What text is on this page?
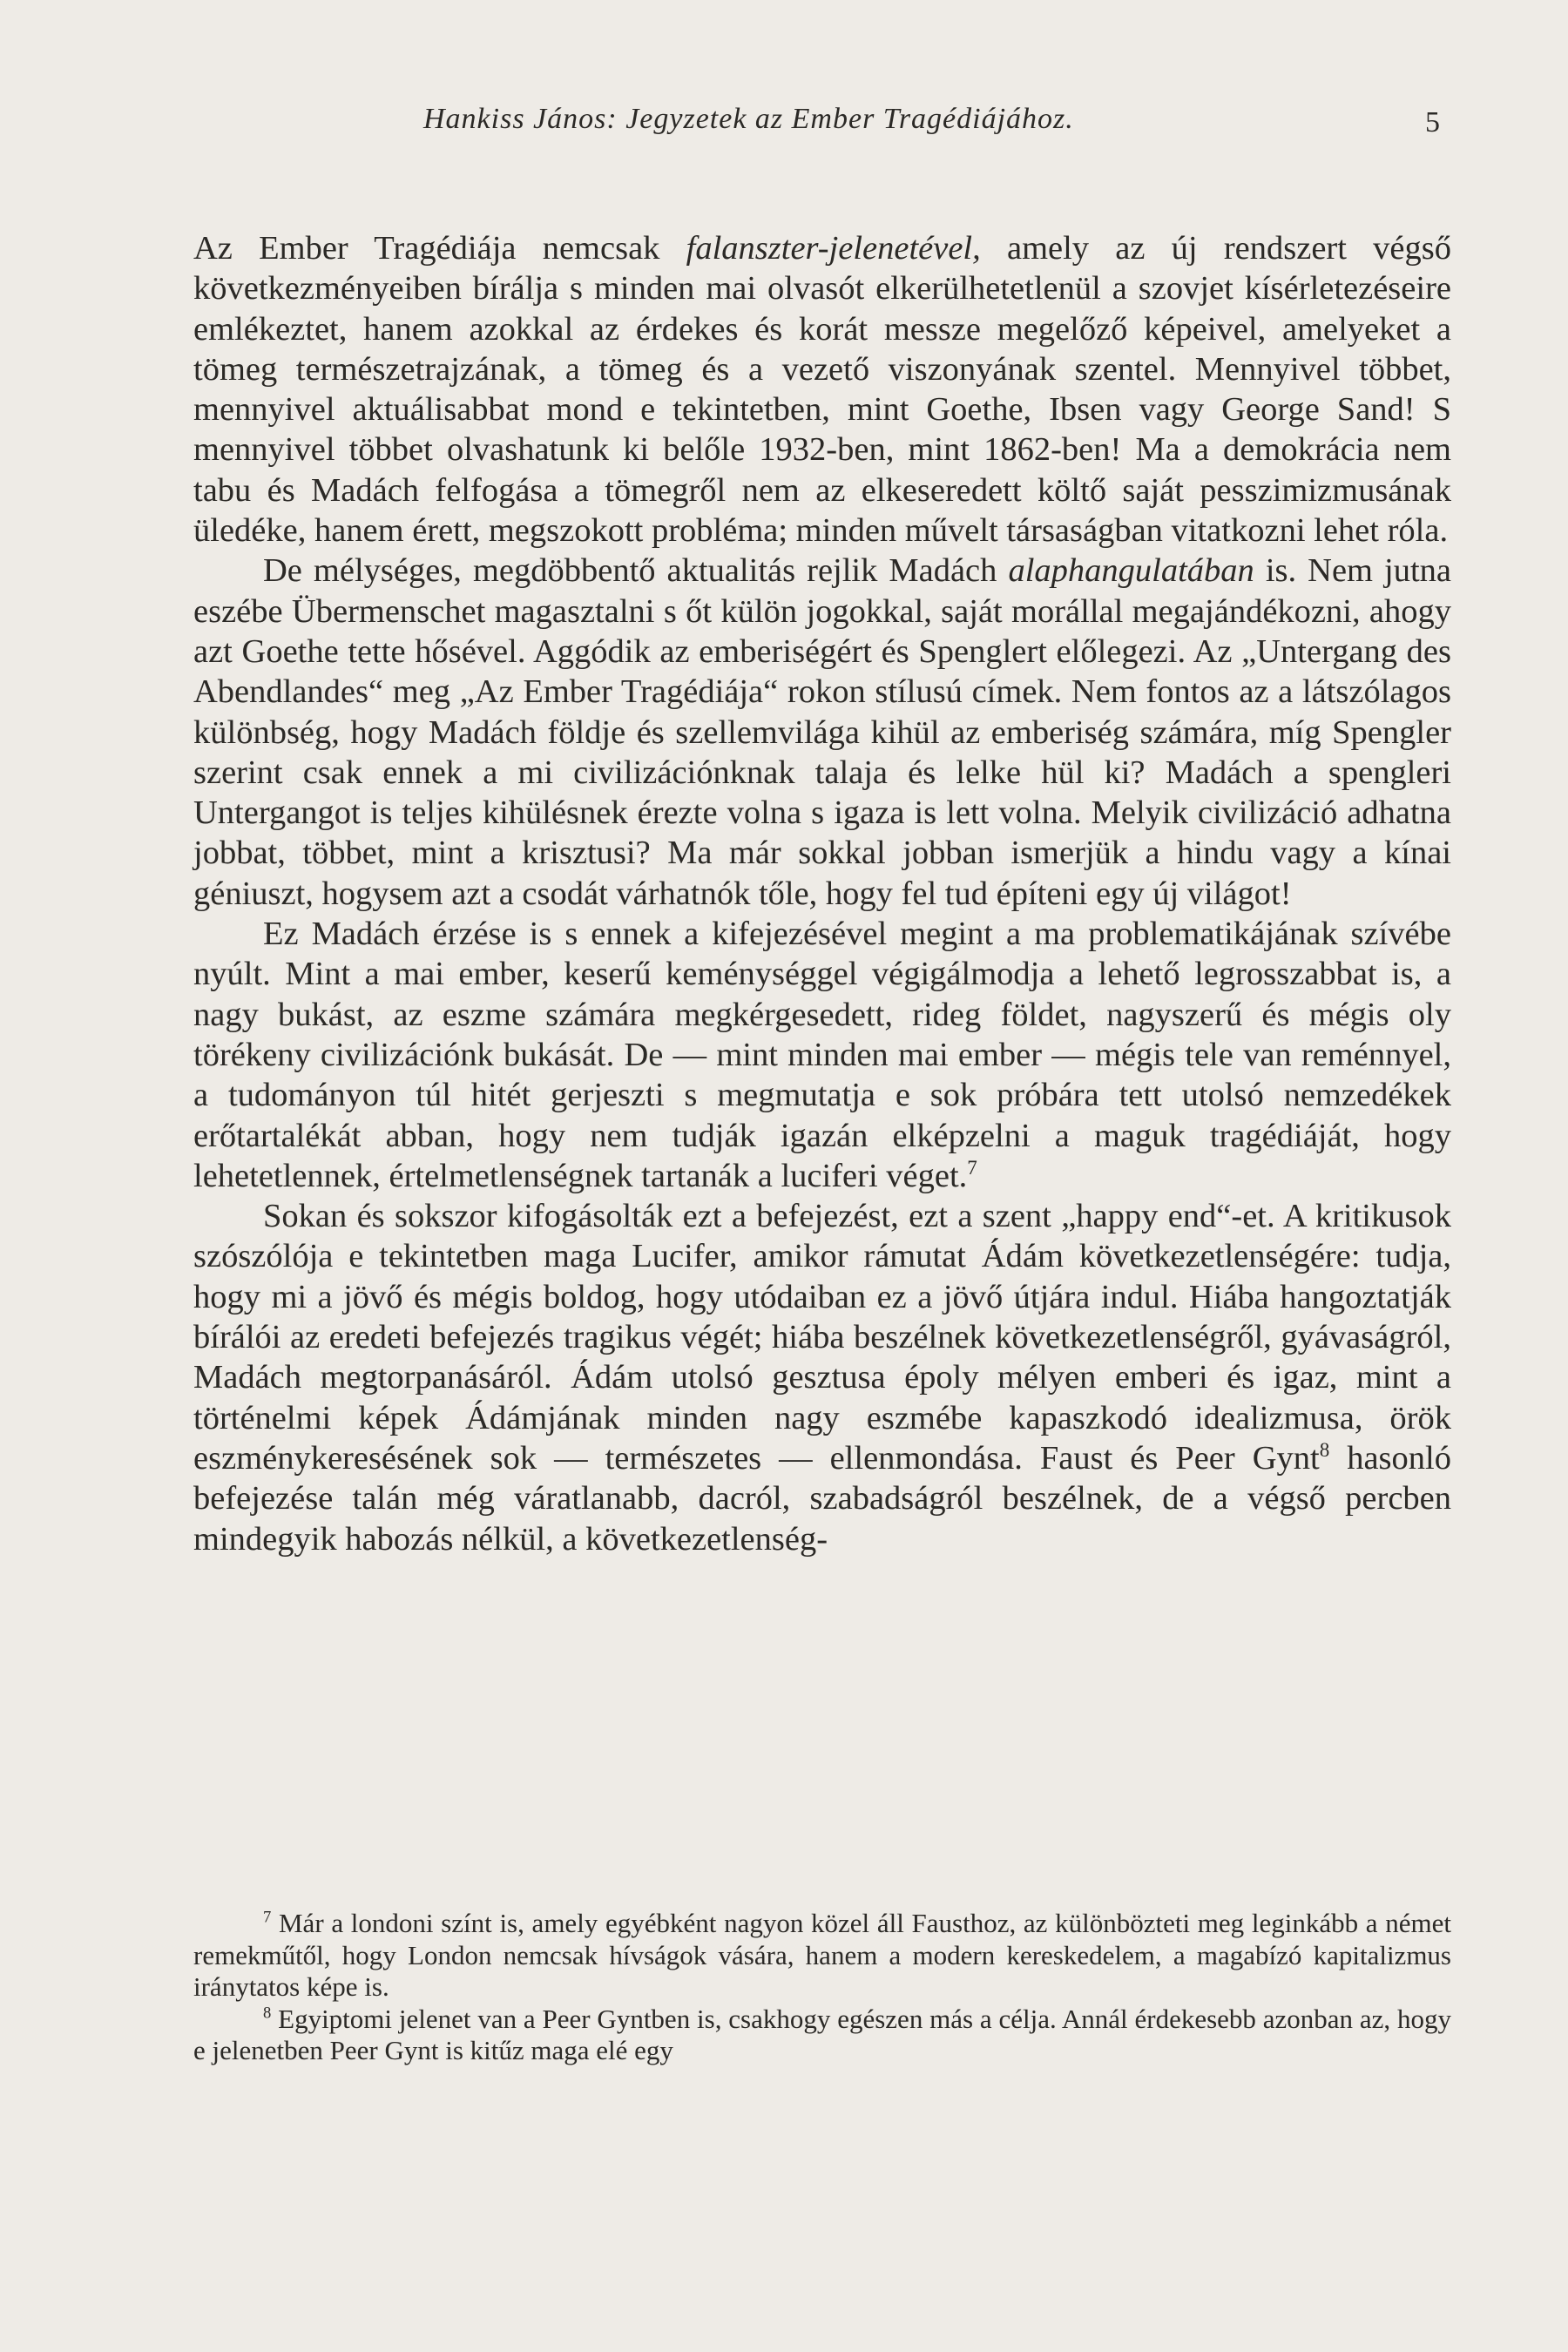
Hankiss János: Jegyzetek az Ember Tragédiájához.	5

Az Ember Tragédiája nemcsak falanszter-jelenetével, amely az új rendszert végső következményeiben bírálja s minden mai olvasót elkerülhetetlenül a szovjet kísérletezéseire emlékeztet, hanem azokkal az érdekes és korát messze megelőző képeivel, amelyeket a tömeg természetrajzának, a tömeg és a vezető viszonyának szentel. Mennyivel többet, mennyivel aktuálisabbat mond e tekintetben, mint Goethe, Ibsen vagy George Sand! S mennyivel többet olvashatunk ki belőle 1932-ben, mint 1862-ben! Ma a demokrácia nem tabu és Madách felfogása a tömegről nem az elkeseredett költő saját pesszimizmusának üledéke, hanem érett, megszokott probléma; minden művelt társaságban vitatkozni lehet róla.

De mélységes, megdöbbentő aktualitás rejlik Madách alaphangulatában is. Nem jutna eszébe Übermenschet magasztalni s őt külön jogokkal, saját morállal megajándékozni, ahogy azt Goethe tette hősével. Aggódik az emberiségért és Spenglert előlegezi. Az „Untergang des Abendlandes“ meg „Az Ember Tragédiája“ rokon stílusú címek. Nem fontos az a látszólagos különbség, hogy Madách földje és szellemvilága kihül az emberiség számára, míg Spengler szerint csak ennek a mi civilizációnknak talaja és lelke hül ki? Madách a spengleri Untergangot is teljes kihülésnek érezte volna s igaza is lett volna. Melyik civilizáció adhatna jobbat, többet, mint a krisztusi? Ma már sokkal jobban ismerjük a hindu vagy a kínai géniuszt, hogysem azt a csodát várhatnók tőle, hogy fel tud építeni egy új világot!

Ez Madách érzése is s ennek a kifejezésével megint a ma problematikájának szívébe nyúlt. Mint a mai ember, keserű keménységgel végigálmodja a lehető legrosszabbat is, a nagy bukást, az eszme számára megkérgesedett, rideg földet, nagyszerű és mégis oly törékeny civilizációnk bukását. De — mint minden mai ember — mégis tele van reménnyel, a tudományon túl hitét gerjeszti s megmutatja e sok próbára tett utolsó nemzedékek erőtartalékát abban, hogy nem tudják igazán elképzelni a maguk tragédiáját, hogy lehetetlennek, értelmetlenségnek tartanák a luciferi véget.$^7$

Sokan és sokszor kifogásolták ezt a befejezést, ezt a szent „happy end“-et. A kritikusok szószólója e tekintetben maga Lucifer, amikor rámutat Ádám következetlenségére: tudja, hogy mi a jövő és mégis boldog, hogy utódaiban ez a jövő útjára indul. Hiába hangoztatják bírálói az eredeti befejezés tragikus végét; hiába beszélnek következetlenségről, gyávaságról, Madách megtorpanásáról. Ádám utolsó gesztusa époly mélyen emberi és igaz, mint a történelmi képek Ádámjának minden nagy eszmébe kapaszkodó idealizmusa, örök eszménykeresésének sok — természetes — ellenmondása. Faust és Peer Gynt$^8$ hasonló befejezése talán még váratlanabb, dacról, szabadságról beszélnek, de a végső percben mindegyik habozás nélkül, a következetlenség-

$^7$ Már a londoni színt is, amely egyébként nagyon közel áll Fausthoz, az különbözteti meg leginkább a német remekműtől, hogy London nemcsak hívságok vására, hanem a modern kereskedelem, a magabízó kapitalizmus iránytatos képe is.

$^8$ Egyiptomi jelenet van a Peer Gyntben is, csakhogy egészen más a célja. Annál érdekesebb azonban az, hogy e jelenetben Peer Gynt is kitűz maga elé egy
